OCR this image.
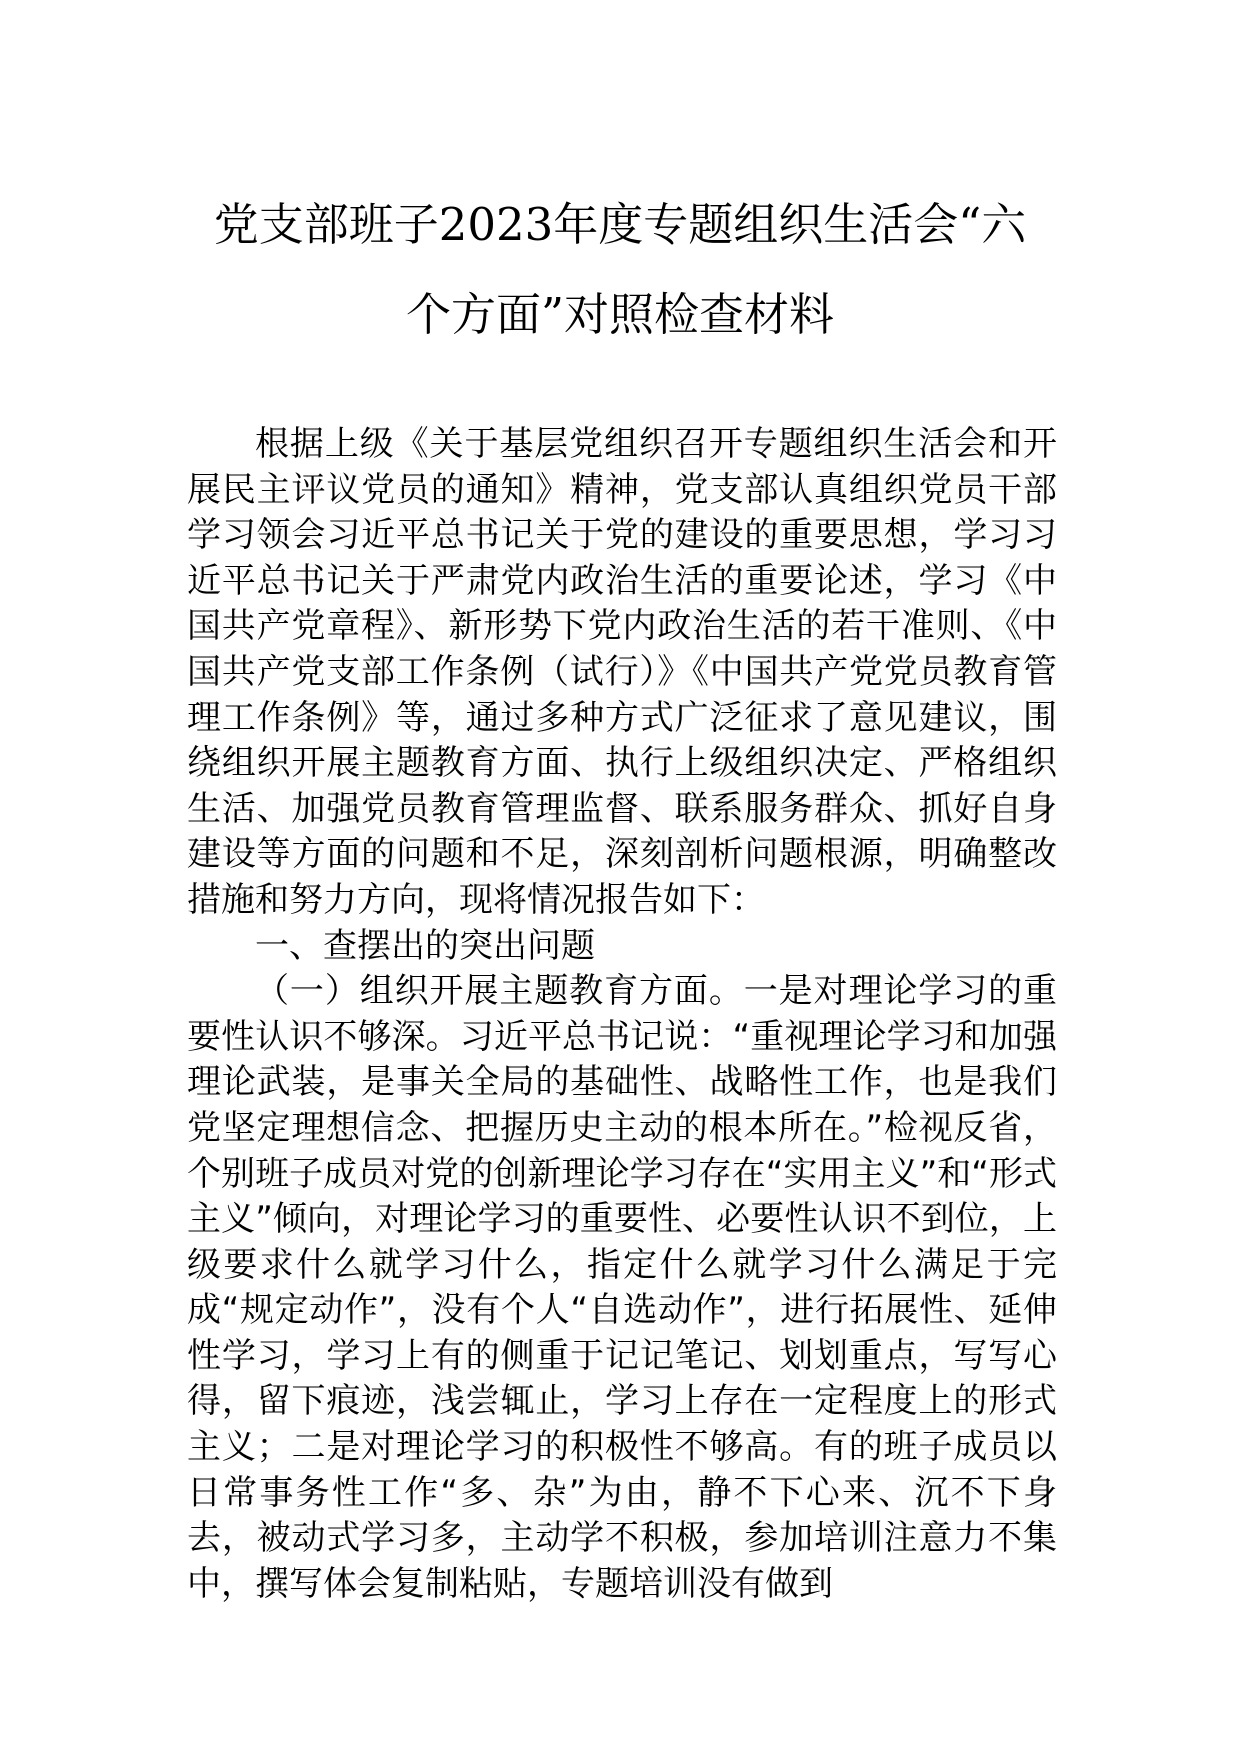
党支部班子2023年度专题组织生活会“六
个方面”对照检查材料

根据上级《关于基层党组织召开专题组织生活会和开展民主评议党员的通知》精神，党支部认真组织党员干部学习领会习近平总书记关于党的建设的重要思想，学习习近平总书记关于严肃党内政治生活的重要论述，学习《中国共产党章程》、新形势下党内政治生活的若干准则、《中国共产党支部工作条例（试行）》《中国共产党党员教育管理工作条例》等，通过多种方式广泛征求了意见建议，围绕组织开展主题教育方面、执行上级组织决定、严格组织生活、加强党员教育管理监督、联系服务群众、抓好自身建设等方面的问题和不足，深刻剖析问题根源，明确整改措施和努力方向，现将情况报告如下：

一、查摆出的突出问题

（一）组织开展主题教育方面。一是对理论学习的重要性认识不够深。习近平总书记说：“重视理论学习和加强理论武装，是事关全局的基础性、战略性工作，也是我们党坚定理想信念、把握历史主动的根本所在。”检视反省，个别班子成员对党的创新理论学习存在“实用主义”和“形式主义”倾向，对理论学习的重要性、必要性认识不到位，上级要求什么就学习什么，指定什么就学习什么满足于完成“规定动作”，没有个人“自选动作”，进行拓展性、延伸性学习，学习上有的侧重于记记笔记、划划重点，写写心得，留下痕迹，浅尝辄止，学习上存在一定程度上的形式主义；二是对理论学习的积极性不够高。有的班子成员以日常事务性工作“多、杂”为由，静不下心来、沉不下身去，被动式学习多，主动学不积极，参加培训注意力不集中，撰写体会复制粘贴，专题培训没有做到
